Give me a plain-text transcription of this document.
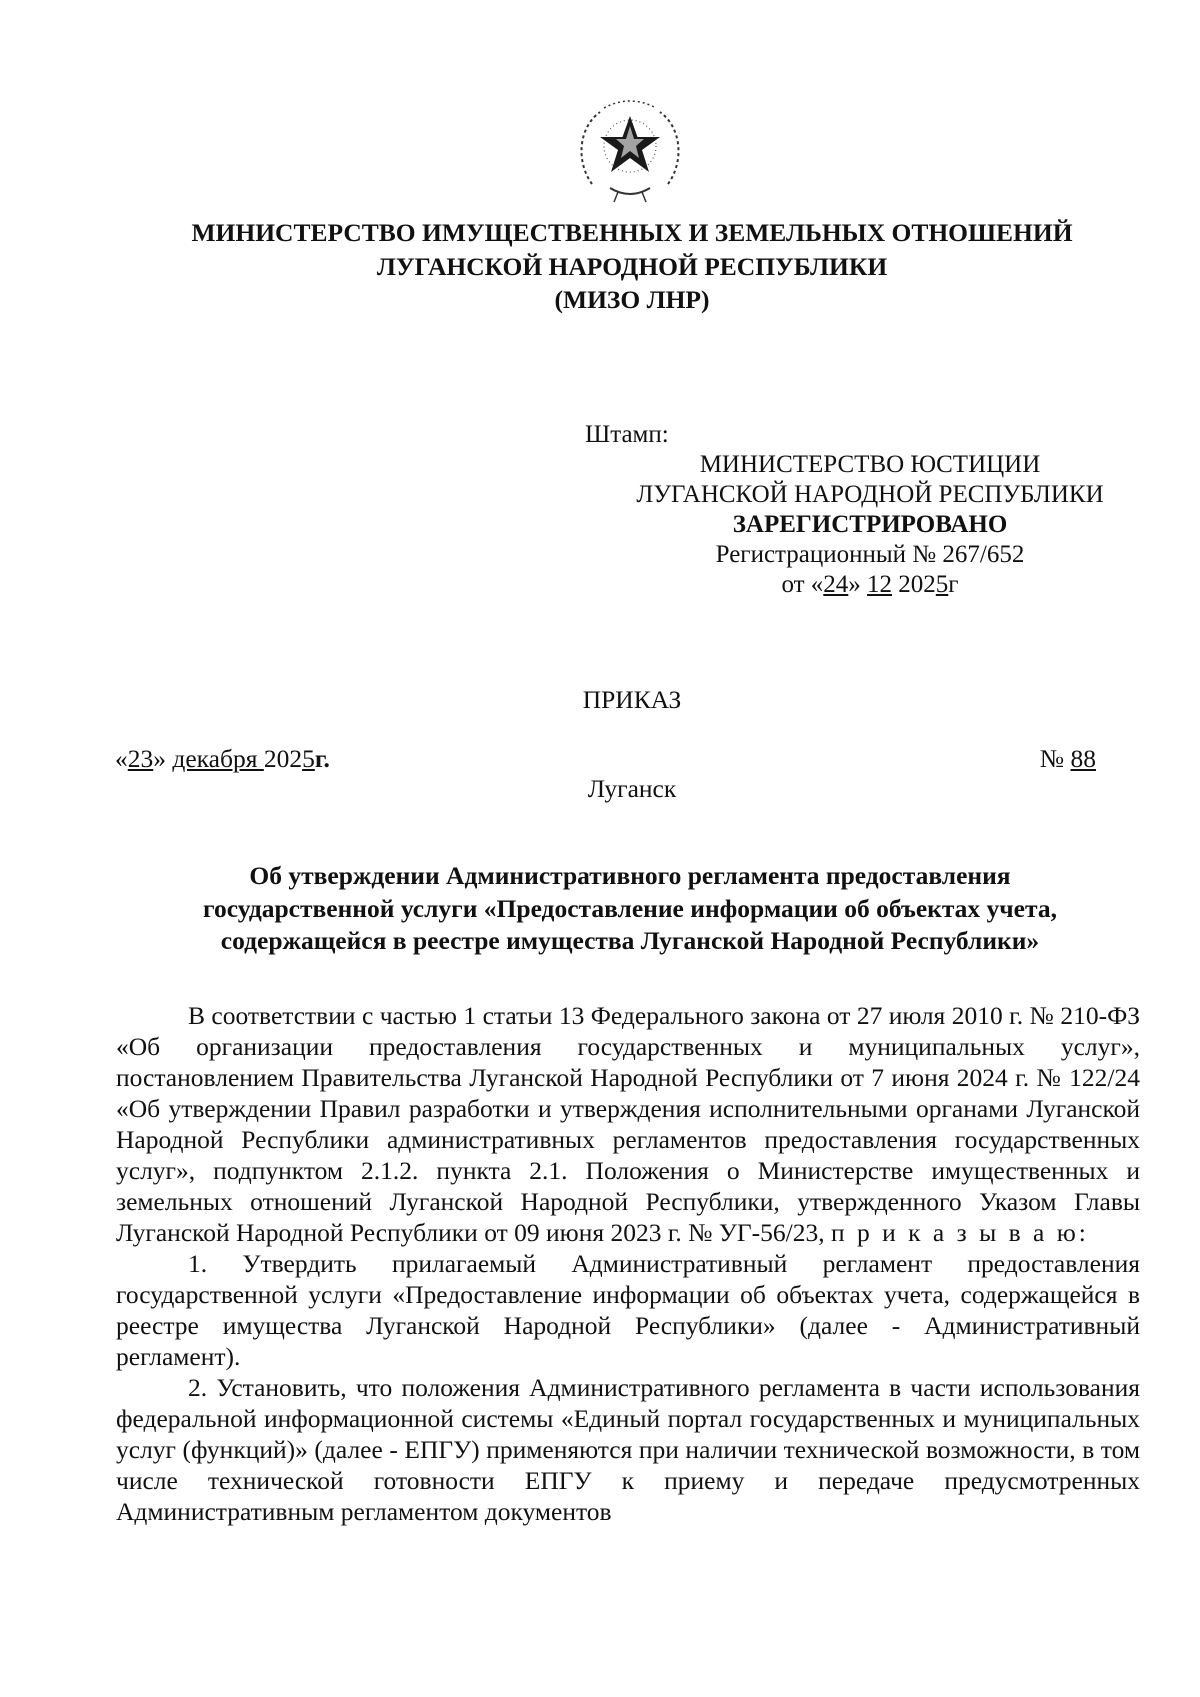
МИНИСТЕРСТВО ИМУЩЕСТВЕННЫХ И ЗЕМЕЛЬНЫХ ОТНОШЕНИЙ
ЛУГАНСКОЙ НАРОДНОЙ РЕСПУБЛИКИ
(МИЗО ЛНР)
Штамп:
МИНИСТЕРСТВО ЮСТИЦИИ
ЛУГАНСКОЙ НАРОДНОЙ РЕСПУБЛИКИ
ЗАРЕГИСТРИРОВАНО
Регистрационный № 267/652
от «24» 12 2025г
ПРИКАЗ
«23» декабря 2025г.	№ 88
Луганск
Об утверждении Административного регламента предоставления
государственной услуги «Предоставление информации об объектах учета,
содержащейся в реестре имущества Луганской Народной Республики»

В соответствии с частью 1 статьи 13 Федерального закона от 27 июля 2010 г. № 210-ФЗ «Об организации предоставления государственных и муниципальных услуг», постановлением Правительства Луганской Народной Республики от 7 июня 2024 г. № 122/24 «Об утверждении Правил разработки и утверждения исполнительными органами Луганской Народной Республики административных регламентов предоставления государственных услуг», подпунктом 2.1.2. пункта 2.1. Положения о Министерстве имущественных и земельных отношений Луганской Народной Республики, утвержденного Указом Главы Луганской Народной Республики от 09 июня 2023 г. № УГ-56/23, п р и к а з ы в а ю:

1. Утвердить прилагаемый Административный регламент предоставления государственной услуги «Предоставление информации об объектах учета, содержащейся в реестре имущества Луганской Народной Республики» (далее - Административный регламент).

2. Установить, что положения Административного регламента в части использования федеральной информационной системы «Единый портал государственных и муниципальных услуг (функций)» (далее - ЕПГУ) применяются при наличии технической возможности, в том числе технической готовности ЕПГУ к приему и передаче предусмотренных Административным регламентом документов
